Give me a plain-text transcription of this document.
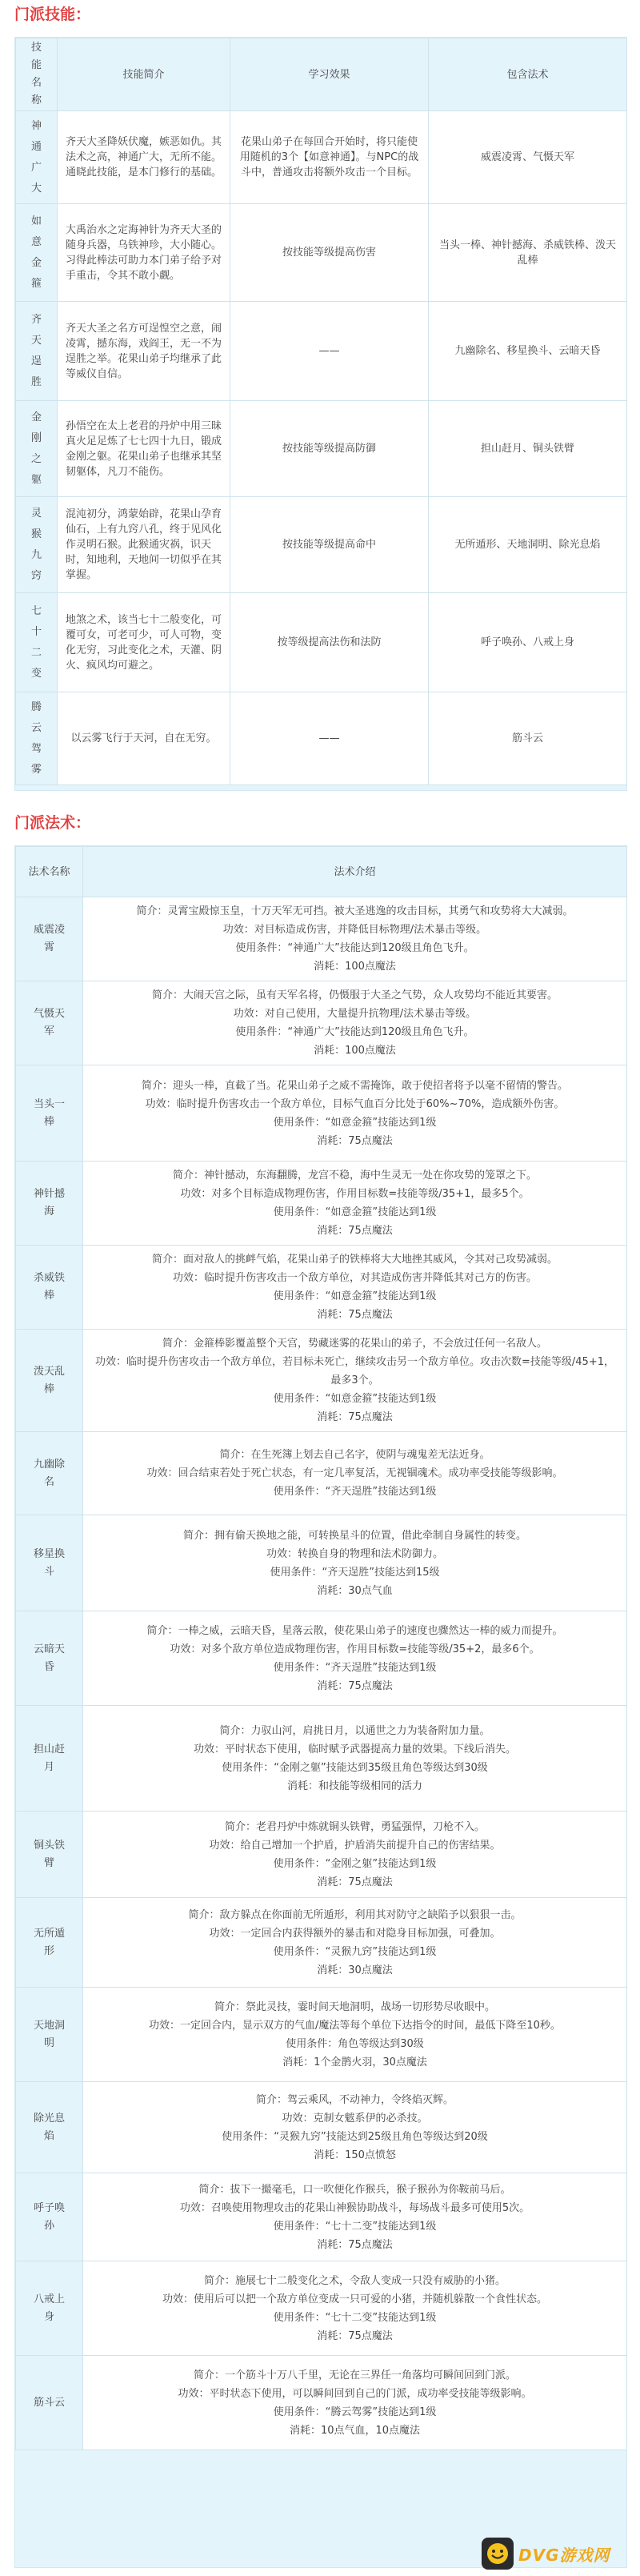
门派技能：
技能名称	技能简介	学习效果	包含法术

神通广大	齐天大圣降妖伏魔，嫉恶如仇。其法术之高，神通广大，无所不能。通晓此技能，是本门修行的基础。	花果山弟子在每回合开始时，将只能使用随机的3个【如意神通】。与NPC的战斗中，普通攻击将额外攻击一个目标。	威震凌霄、气慑天军

如意金箍	大禹治水之定海神针为齐天大圣的随身兵器，乌铁神珍，大小随心。习得此棒法可助力本门弟子给予对手重击，令其不敢小觑。	按技能等级提高伤害	当头一棒、神针撼海、杀威铁棒、泼天乱棒

齐天逞胜	齐天大圣之名方可逞惶空之意，闹凌霄，撼东海，戏阎王，无一不为逞胜之举。花果山弟子均继承了此等威仪自信。	——	九幽除名、移星换斗、云暗天昏

金刚之躯	孙悟空在太上老君的丹炉中用三昧真火足足炼了七七四十九日，锻成金刚之躯。花果山弟子也继承其坚韧躯体，凡刀不能伤。	按技能等级提高防御	担山赶月、铜头铁臂

灵猴九窍	混沌初分，鸿蒙始辟，花果山孕育仙石，上有九窍八孔，终于见风化作灵明石猴。此猴通灾祸，识天时，知地利，天地间一切似乎在其掌握。	按技能等级提高命中	无所遁形、天地洞明、除光息焰

七十二变	地煞之术，该当七十二般变化，可覆可女，可老可少，可人可物，变化无穷，习此变化之术，天灌、阴火、疯风均可避之。	按等级提高法伤和法防	呼子唤孙、八戒上身

腾云驾雾	以云雾飞行于天河，自在无穷。	——	筋斗云
门派法术：
法术名称	法术介绍

威震凌霄	简介：灵霄宝殿惊玉皇，十万天军无可挡。被大圣逃逸的攻击目标，其勇气和攻势将大大减弱。
功效：对目标造成伤害，并降低目标物理/法术暴击等级。
使用条件：“神通广大”技能达到120级且角色飞升。
消耗：100点魔法

气慑天军	简介：大闹天宫之际，虽有天军名将，仍慑服于大圣之气势，众人攻势均不能近其要害。
功效：对自己使用，大量提升抗物理/法术暴击等级。
使用条件：“神通广大”技能达到120级且角色飞升。
消耗：100点魔法

当头一棒	简介：迎头一棒，直截了当。花果山弟子之威不需掩饰，敢于使招者将予以毫不留情的警告。
功效：临时提升伤害攻击一个敌方单位，目标气血百分比处于60%~70%，造成额外伤害。
使用条件：“如意金箍”技能达到1级
消耗：75点魔法

神针撼海	简介：神针撼动，东海翻腾，龙宫不稳，海中生灵无一处在你攻势的笼罩之下。
功效：对多个目标造成物理伤害，作用目标数=技能等级/35+1，最多5个。
使用条件：“如意金箍”技能达到1级
消耗：75点魔法

杀威铁棒	简介：面对敌人的挑衅气焰，花果山弟子的铁棒将大大地挫其威风，令其对己攻势减弱。
功效：临时提升伤害攻击一个敌方单位，对其造成伤害并降低其对己方的伤害。
使用条件：“如意金箍”技能达到1级
消耗：75点魔法

泼天乱棒	简介：金箍棒影覆盖整个天宫，势藏迷雾的花果山的弟子，不会放过任何一名敌人。
功效：临时提升伤害攻击一个敌方单位，若目标未死亡，继续攻击另一个敌方单位。攻击次数=技能等级/45+1，最多3个。
使用条件：“如意金箍”技能达到1级
消耗：75点魔法

九幽除名	简介：在生死簿上划去自己名字，使阴与魂鬼差无法近身。
功效：回合结束若处于死亡状态，有一定几率复活，无视锢魂术。成功率受技能等级影响。
使用条件：“齐天逞胜”技能达到1级

移星换斗	简介：拥有偷天换地之能，可转换星斗的位置，借此牵制自身属性的转变。
功效：转换自身的物理和法术防御力。
使用条件：“齐天逞胜”技能达到15级
消耗：30点气血

云暗天昏	简介：一棒之威，云暗天昏，星落云散，使花果山弟子的速度也骤然达一棒的威力而提升。
功效：对多个敌方单位造成物理伤害，作用目标数=技能等级/35+2，最多6个。
使用条件：“齐天逞胜”技能达到1级
消耗：75点魔法

担山赶月	简介：力驭山河，肩挑日月，以通世之力为装备附加力量。
功效：平时状态下使用，临时赋予武器提高力量的效果。下线后消失。
使用条件：“金刚之躯”技能达到35级且角色等级达到30级
消耗：和技能等级相同的活力

铜头铁臂	简介：老君丹炉中炼就铜头铁臂，勇猛强悍，刀枪不入。
功效：给自己增加一个护盾，护盾消失前提升自己的伤害结果。
使用条件：“金刚之躯”技能达到1级
消耗：75点魔法

无所遁形	简介：敌方躲点在你面前无所遁形，利用其对防守之缺陷予以狠狠一击。
功效：一定回合内获得额外的暴击和对隐身目标加强，可叠加。
使用条件：“灵猴九窍”技能达到1级
消耗：30点魔法

天地洞明	简介：祭此灵技，霎时间天地洞明，战场一切形势尽收眼中。
功效：一定回合内，显示双方的气血/魔法等每个单位下达指令的时间，最低下降至10秒。
使用条件：角色等级达到30级
消耗：1个金鹊火羽，30点魔法

除光息焰	简介：驾云乘风，不动神力，令终焰灭辉。
功效：克制女魃系伊的必杀技。
使用条件：“灵猴九窍”技能达到25级且角色等级达到20级
消耗：150点愤怒

呼子唤孙	简介：拔下一撮毫毛，口一吹便化作猴兵，猴子猴孙为你鞍前马后。
功效：召唤使用物理攻击的花果山神猴协助战斗，每场战斗最多可使用5次。
使用条件：“七十二变”技能达到1级
消耗：75点魔法

八戒上身	简介：施展七十二般变化之术，令敌人变成一只没有威胁的小猪。
功效：使用后可以把一个敌方单位变成一只可爱的小猪，并随机躲散一个食性状态。
使用条件：“七十二变”技能达到1级
消耗：75点魔法

筋斗云	简介：一个筋斗十万八千里，无论在三界任一角落均可瞬间回到门派。
功效：平时状态下使用，可以瞬间回到自己的门派，成功率受技能等级影响。
使用条件：“腾云驾雾”技能达到1级
消耗：10点气血，10点魔法
DVG游戏网
